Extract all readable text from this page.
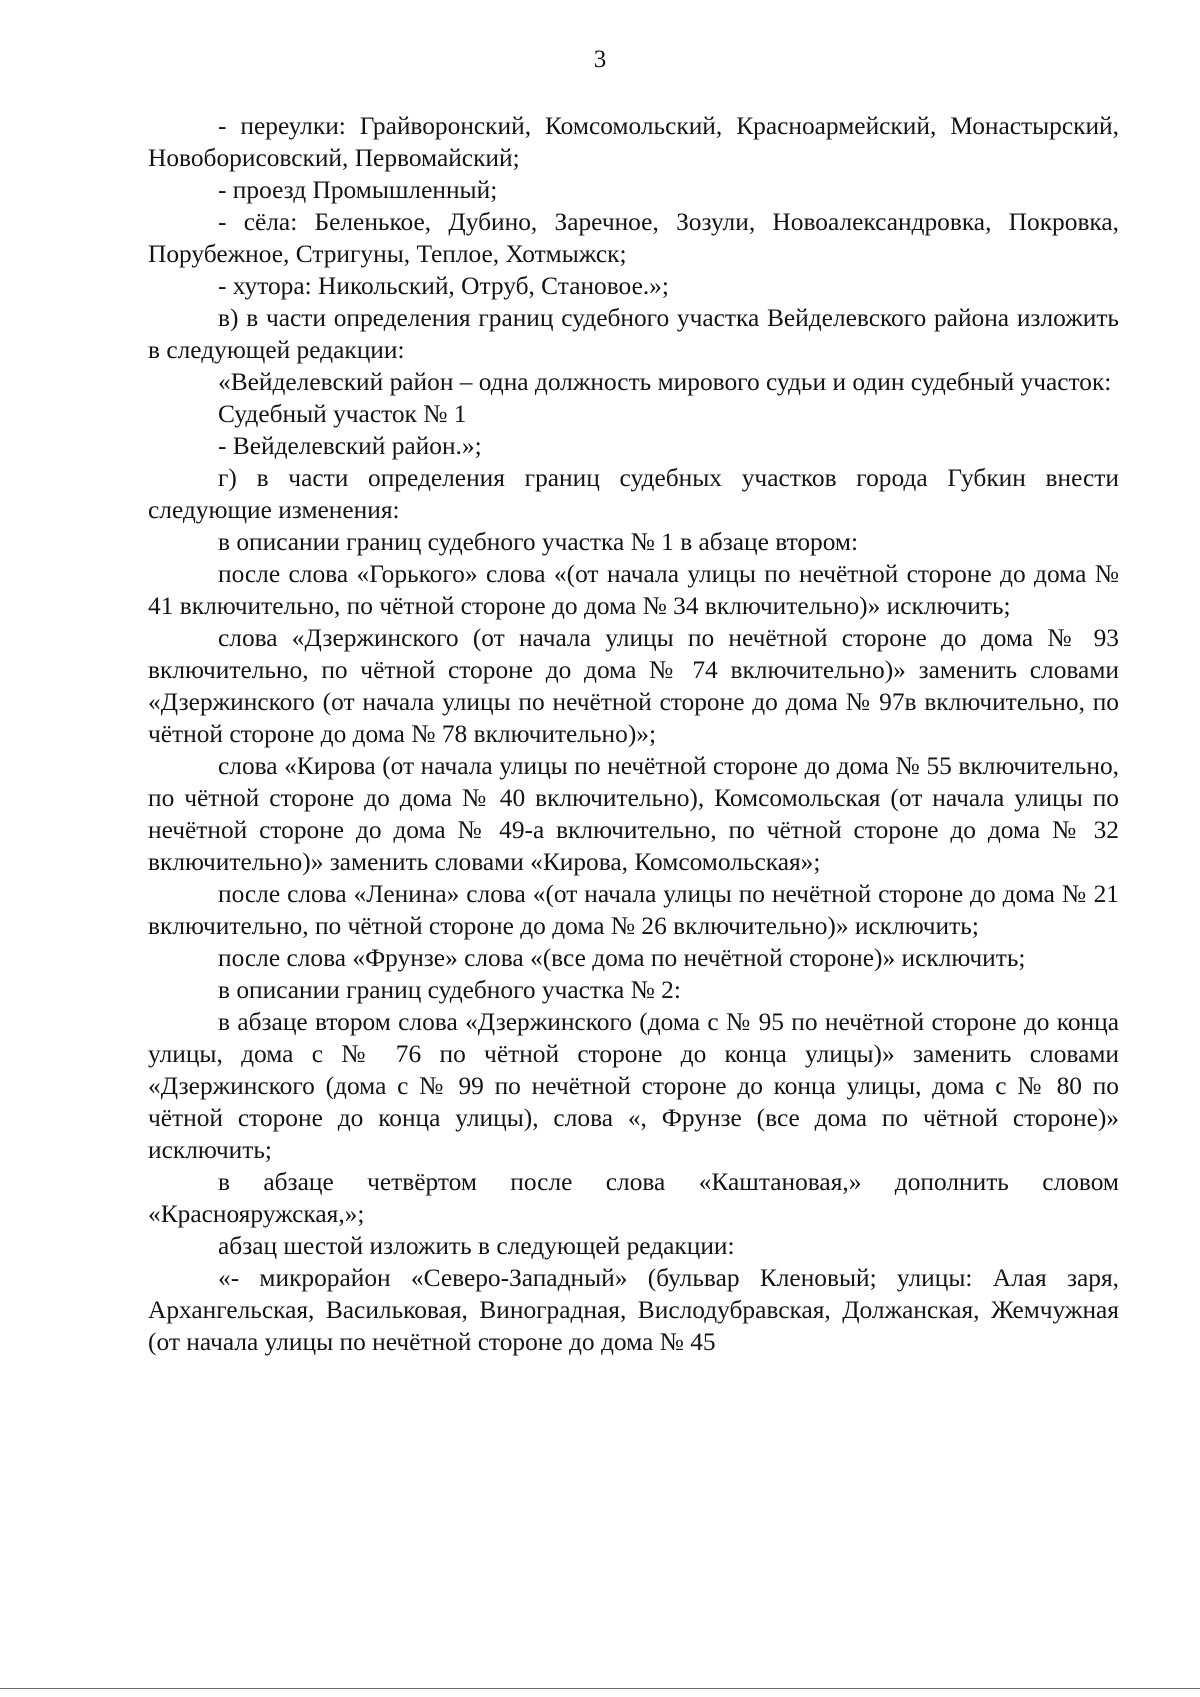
3

- переулки: Грайворонский, Комсомольский, Красноармейский, Монастырский, Новоборисовский, Первомайский;

- проезд Промышленный;

- сёла: Беленькое, Дубино, Заречное, Зозули, Новоалександровка, Покровка, Порубежное, Стригуны, Теплое, Хотмыжск;

- хутора: Никольский, Отруб, Становое.»;

в) в части определения границ судебного участка Вейделевского района изложить в следующей редакции:

«Вейделевский район – одна должность мирового судьи и один судебный участок:

Судебный участок № 1

- Вейделевский район.»;

г) в части определения границ судебных участков города Губкин внести следующие изменения:

в описании границ судебного участка № 1 в абзаце втором:

после слова «Горького» слова «(от начала улицы по нечётной стороне до дома № 41 включительно, по чётной стороне до дома № 34 включительно)» исключить;

слова «Дзержинского (от начала улицы по нечётной стороне до дома № 93 включительно, по чётной стороне до дома № 74 включительно)» заменить словами «Дзержинского (от начала улицы по нечётной стороне до дома № 97в включительно, по чётной стороне до дома № 78 включительно)»;

слова «Кирова (от начала улицы по нечётной стороне до дома № 55 включительно, по чётной стороне до дома № 40 включительно), Комсомольская (от начала улицы по нечётной стороне до дома № 49-а включительно, по чётной стороне до дома № 32 включительно)» заменить словами «Кирова, Комсомольская»;

после слова «Ленина» слова «(от начала улицы по нечётной стороне до дома № 21 включительно, по чётной стороне до дома № 26 включительно)» исключить;

после слова «Фрунзе» слова «(все дома по нечётной стороне)» исключить;

в описании границ судебного участка № 2:

в абзаце втором слова «Дзержинского (дома с № 95 по нечётной стороне до конца улицы, дома с № 76 по чётной стороне до конца улицы)» заменить словами «Дзержинского (дома с № 99 по нечётной стороне до конца улицы, дома с № 80 по чётной стороне до конца улицы), слова «, Фрунзе (все дома по чётной стороне)» исключить;

в абзаце четвёртом после слова «Каштановая,» дополнить словом «Краснояружская,»;

абзац шестой изложить в следующей редакции:

«- микрорайон «Северо-Западный» (бульвар Кленовый; улицы: Алая заря, Архангельская, Васильковая, Виноградная, Вислодубравская, Должанская, Жемчужная (от начала улицы по нечётной стороне до дома № 45
